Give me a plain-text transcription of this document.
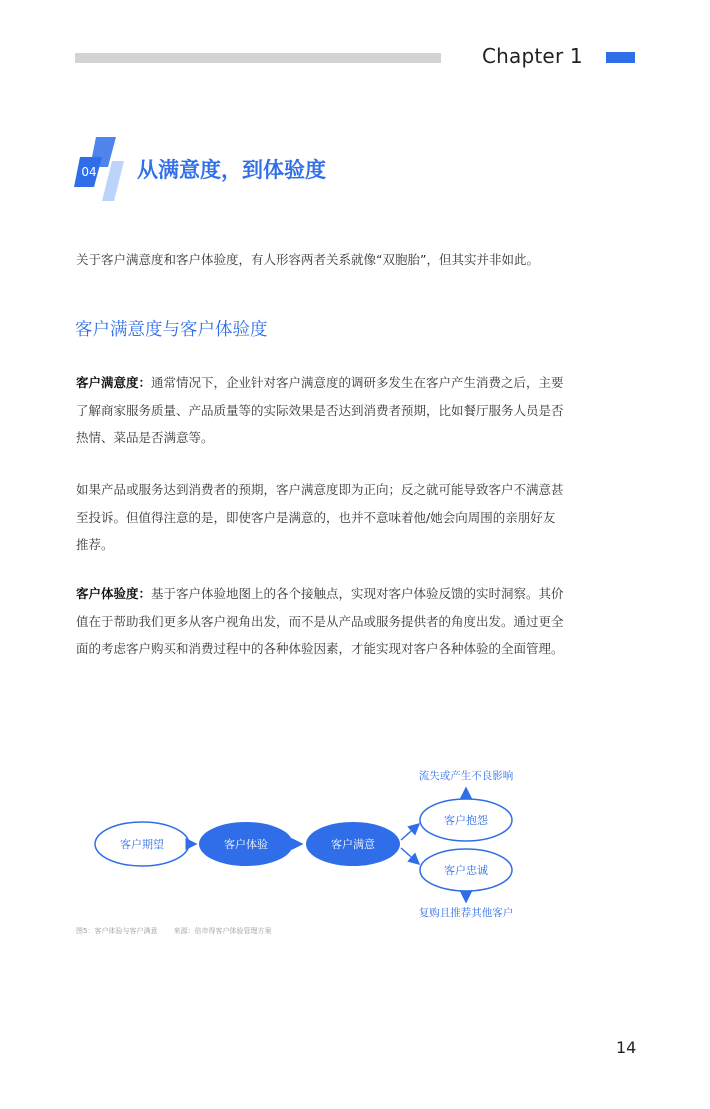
Chapter 1
04 从满意度，到体验度
关于客户满意度和客户体验度，有人形容两者关系就像“双胞胎”，但其实并非如此。
客户满意度与客户体验度
客户满意度：通常情况下，企业针对客户满意度的调研多发生在客户产生消费之后，主要了解商家服务质量、产品质量等的实际效果是否达到消费者预期，比如餐厅服务人员是否热情、菜品是否满意等。
如果产品或服务达到消费者的预期，客户满意度即为正向；反之就可能导致客户不满意甚至投诉。但值得注意的是，即使客户是满意的，也并不意味着他/她会向周围的亲朋好友推荐。
客户体验度：基于客户体验地图上的各个接触点，实现对客户体验反馈的实时洞察。其价值在于帮助我们更多从客户视角出发，而不是从产品或服务提供者的角度出发。通过更全面的考虑客户购买和消费过程中的各种体验因素，才能实现对客户各种体验的全面管理。
客户期望	客户体验	客户满意
客户抱怨
客户忠诚
流失或产生不良影响
复购且推荐其他客户
图5：客户体验与客户满意 来源：倍市得客户体验管理方案
14
